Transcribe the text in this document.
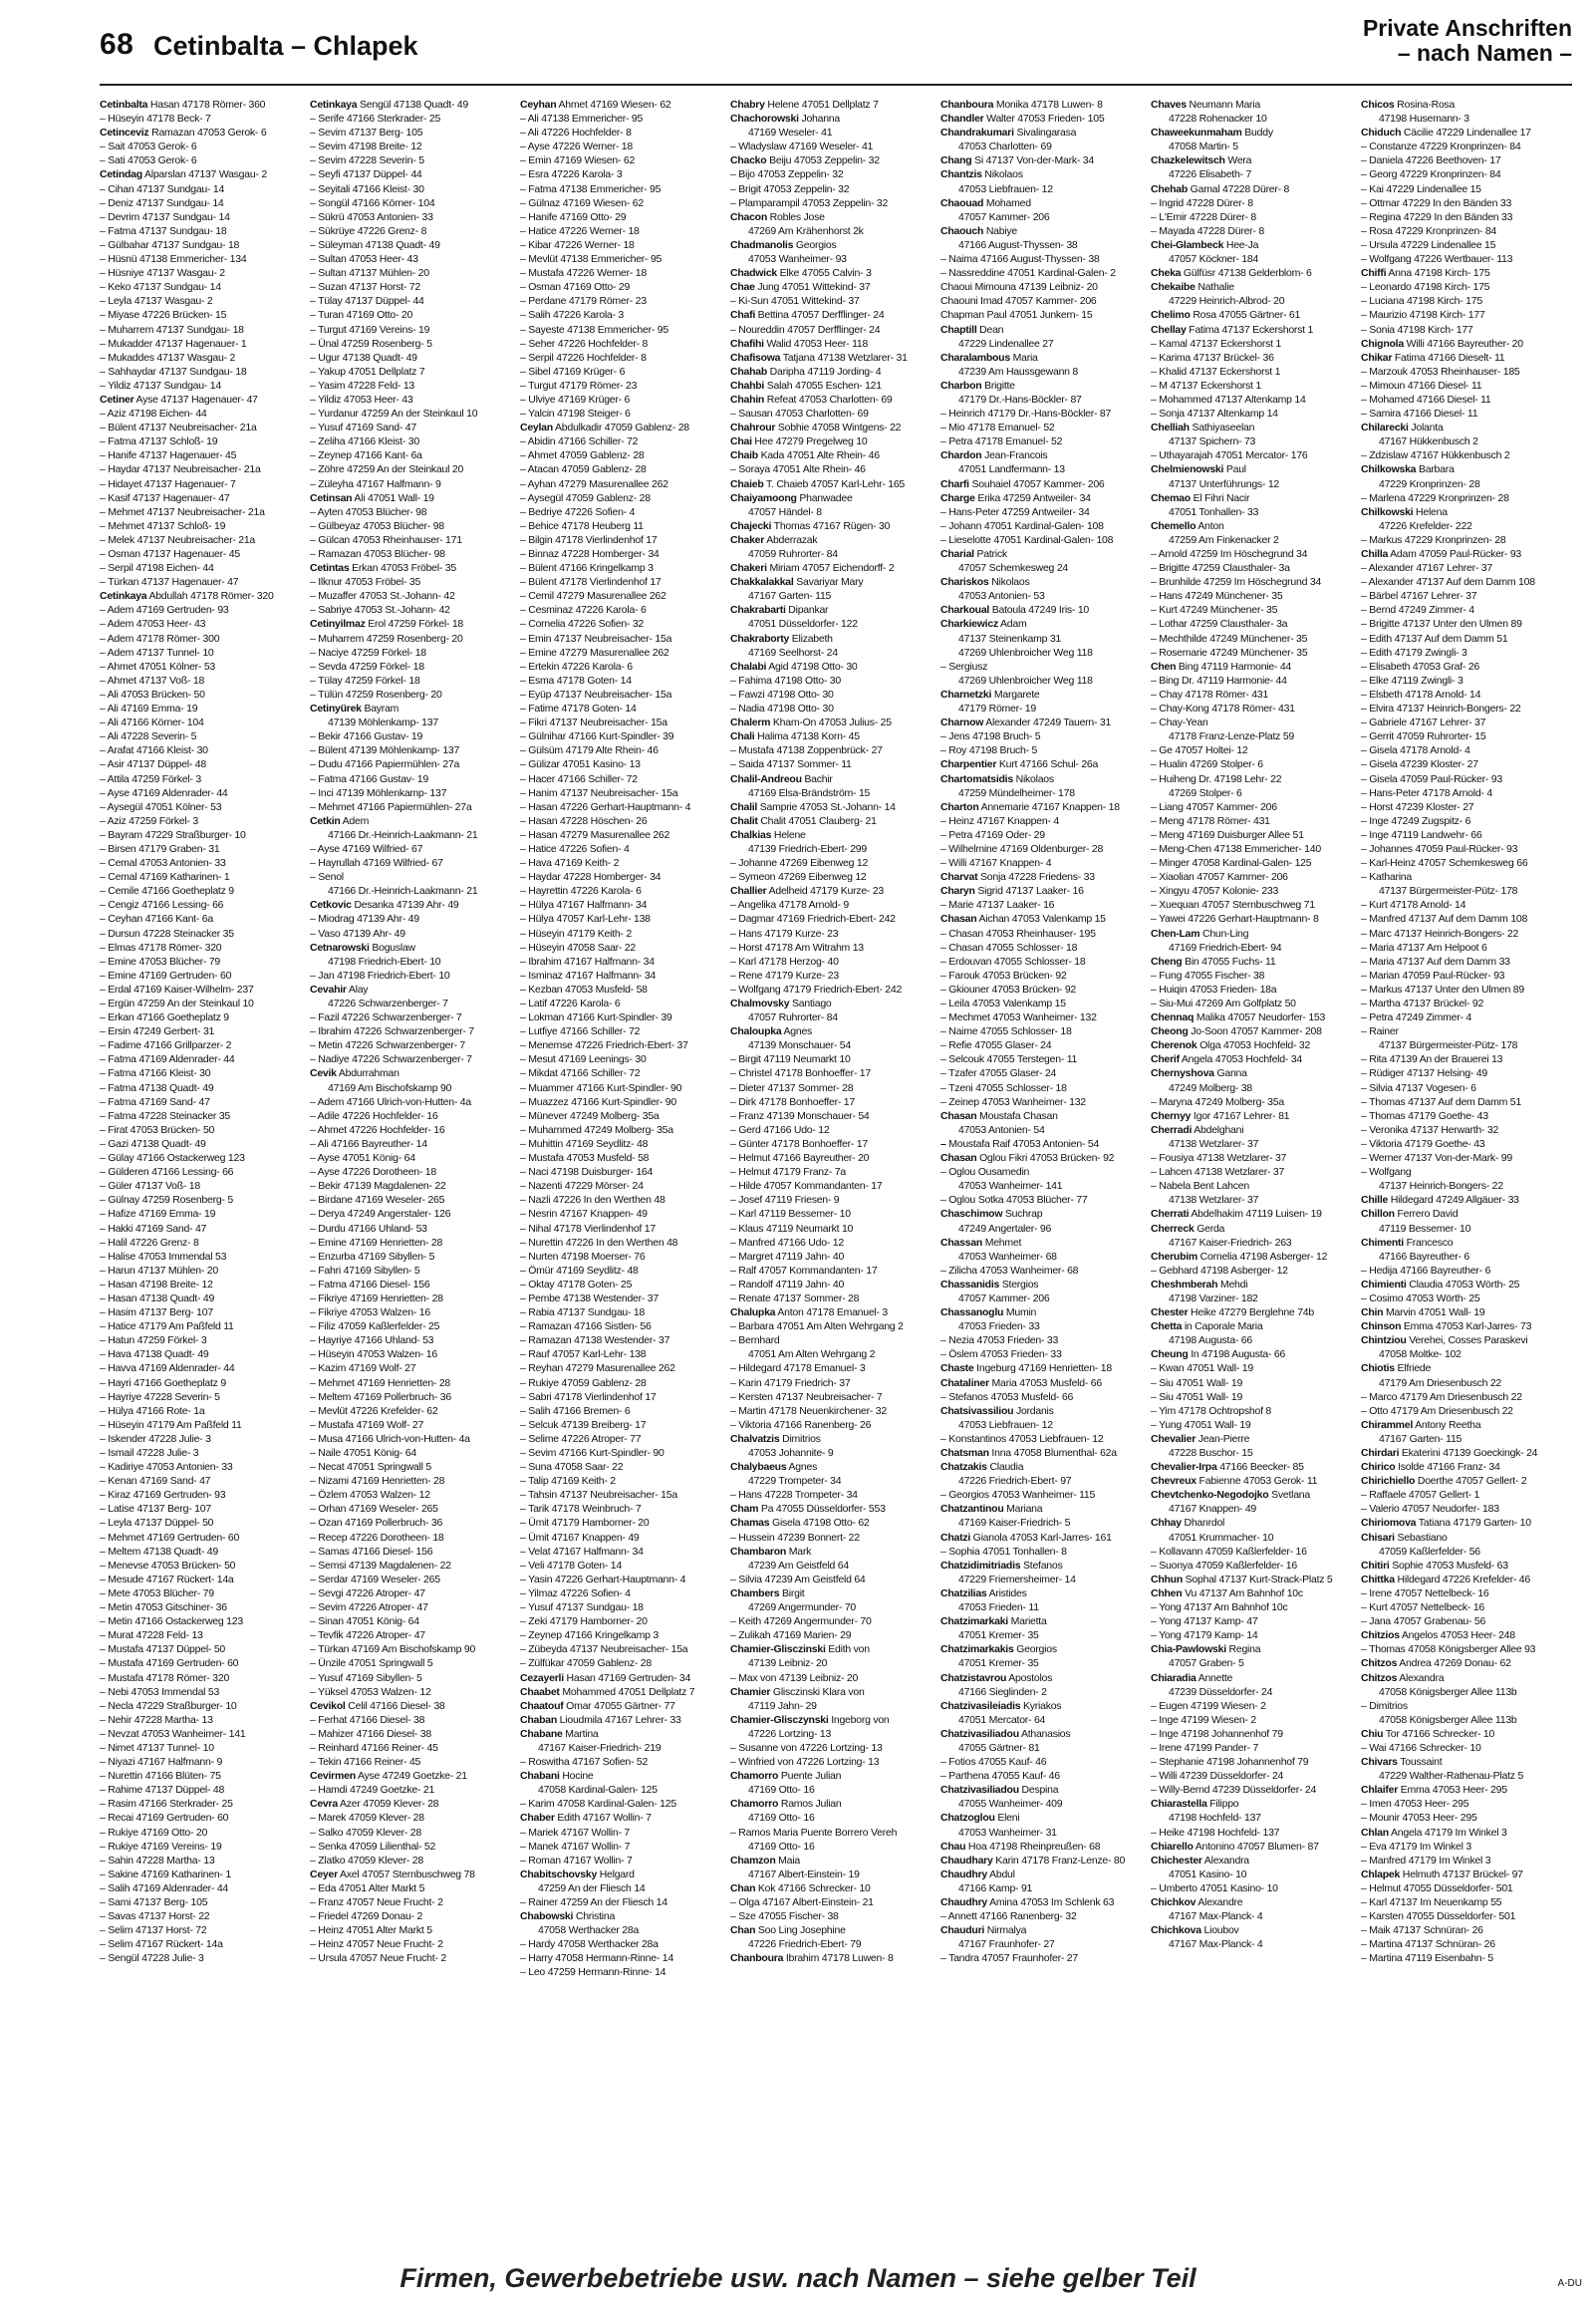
68 Cetinbalta – Chlapek
Private Anschriften
– nach Namen –
Cetinbalta Hasan 47178 Römer- 360
– Hüseyin 47178 Beck- 7
Cetinceviz Ramazan 47053 Gerok- 6
– Sait 47053 Gerok- 6
– Sati 47053 Gerok- 6
Cetindag Alparslan 47137 Wasgau- 2
– Cihan 47137 Sundgau- 14
– Deniz 47137 Sundgau- 14
– Devrim 47137 Sundgau- 14
– Fatma 47137 Sundgau- 18
– Gülbahar 47137 Sundgau- 18
– Hüsnü 47138 Emmericher- 134
– Hüsniye 47137 Wasgau- 2
– Keko 47137 Sundgau- 14
– Leyla 47137 Wasgau- 2
– Miyase 47226 Brücken- 15
– Muharrem 47137 Sundgau- 18
– Mukadder 47137 Hagenauer- 1
– Mukaddes 47137 Wasgau- 2
– Sahhaydar 47137 Sundgau- 18
– Yildiz 47137 Sundgau- 14
Cetiner Ayse 47137 Hagenauer- 47
– Aziz 47198 Eichen- 44
– Bülent 47137 Neubreisacher- 21a
– Fatma 47137 Schloß- 19
– Hanife 47137 Hagenauer- 45
– Haydar 47137 Neubreisacher- 21a
– Hidayet 47137 Hagenauer- 7
– Kasif 47137 Hagenauer- 47
– Mehmet 47137 Neubreisacher- 21a
– Mehmet 47137 Schloß- 19
– Melek 47137 Neubreisacher- 21a
– Osman 47137 Hagenauer- 45
– Serpil 47198 Eichen- 44
– Türkan 47137 Hagenauer- 47
Cetinkaya Abdullah 47178 Römer- 320
– Adem 47169 Gertruden- 93
– Adem 47053 Heer- 43
– Adem 47178 Römer- 300
– Adem 47137 Tunnel- 10
– Ahmet 47051 Kölner- 53
– Ahmet 47137 Voß- 18
– Ali 47053 Brücken- 50
– Ali 47169 Emma- 19
– Ali 47166 Körner- 104
– Ali 47228 Severin- 5
– Arafat 47166 Kleist- 30
– Asir 47137 Düppel- 48
– Attila 47259 Förkel- 3
– Ayse 47169 Aldenrader- 44
– Aysegül 47051 Kölner- 53
– Aziz 47259 Förkel- 3
– Bayram 47229 Straßburger- 10
– Birsen 47179 Graben- 31
– Cemal 47053 Antonien- 33
– Cemal 47169 Katharinen- 1
– Cemile 47166 Goetheplatz 9
– Cengiz 47166 Lessing- 66
– Ceyhan 47166 Kant- 6a
– Dursun 47228 Steinacker 35
– Elmas 47178 Römer- 320
– Emine 47053 Blücher- 79
– Emine 47169 Gertruden- 60
– Erdal 47169 Kaiser-Wilhelm- 237
– Ergün 47259 An der Steinkaul 10
– Erkan 47166 Goetheplatz 9
– Ersin 47249 Gerbert- 31
– Fadime 47166 Grillparzer- 2
– Fatma 47169 Aldenrader- 44
– Fatma 47166 Kleist- 30
– Fatma 47138 Quadt- 49
– Fatma 47169 Sand- 47
– Fatma 47228 Steinacker 35
– Firat 47053 Brücken- 50
– Gazi 47138 Quadt- 49
– Gülay 47166 Ostackerweg 123
– Gülderen 47166 Lessing- 66
– Güler 47137 Voß- 18
– Gülnay 47259 Rosenberg- 5
– Hafize 47169 Emma- 19
– Hakki 47169 Sand- 47
– Halil 47226 Grenz- 8
– Halise 47053 Immendal 53
– Harun 47137 Mühlen- 20
– Hasan 47198 Breite- 12
– Hasan 47138 Quadt- 49
– Hasim 47137 Berg- 107
– Hatice 47179 Am Paßfeld 11
– Hatun 47259 Förkel- 3
– Hava 47138 Quadt- 49
– Havva 47169 Aldenrader- 44
– Hayri 47166 Goetheplatz 9
– Hayriye 47228 Severin- 5
– Hülya 47166 Rote- 1a
– Hüseyin 47179 Am Paßfeld 11
– Iskender 47228 Julie- 3
– Ismail 47228 Julie- 3
– Kadiriye 47053 Antonien- 33
– Kenan 47169 Sand- 47
– Kiraz 47169 Gertruden- 93
– Latise 47137 Berg- 107
– Leyla 47137 Düppel- 50
– Mehmet 47169 Gertruden- 60
– Meltem 47138 Quadt- 49
– Menevse 47053 Brücken- 50
– Mesude 47167 Rückert- 14a
– Mete 47053 Blücher- 79
– Metin 47053 Gitschiner- 36
– Metin 47166 Ostackerweg 123
– Murat 47228 Feld- 13
– Mustafa 47137 Düppel- 50
– Mustafa 47169 Gertruden- 60
– Mustafa 47178 Römer- 320
– Nebi 47053 Immendal 53
– Necla 47229 Straßburger- 10
– Nehir 47228 Martha- 13
– Nevzat 47053 Wanheimer- 141
– Nimet 47137 Tunnel- 10
– Niyazi 47167 Halfmann- 9
– Nurettin 47166 Blüten- 75
– Rahime 47137 Düppel- 48
– Rasim 47166 Sterkrader- 25
– Recai 47169 Gertruden- 60
– Rukiye 47169 Otto- 20
– Rukiye 47169 Vereins- 19
– Sahin 47228 Martha- 13
– Sakine 47169 Katharinen- 1
– Salih 47169 Aldenrader- 44
– Sami 47137 Berg- 105
– Savas 47137 Horst- 22
– Selim 47137 Horst- 72
– Selim 47167 Rückert- 14a
– Sengül 47228 Julie- 3
Cetinkaya Sengül 47138 Quadt- 49
– Serife 47166 Sterkrader- 25
– Sevim 47137 Berg- 105
– Sevim 47198 Breite- 12
– Sevim 47228 Severin- 5
– Seyfi 47137 Düppel- 44
– Seyitali 47166 Kleist- 30
– Songül 47166 Körner- 104
– Sükrü 47053 Antonien- 33
– Sükrüye 47226 Grenz- 8
– Süleyman 47138 Quadt- 49
– Sultan 47053 Heer- 43
– Sultan 47137 Mühlen- 20
– Suzan 47137 Horst- 72
– Tülay 47137 Düppel- 44
– Turan 47169 Otto- 20
– Turgut 47169 Vereins- 19
– Ünal 47259 Rosenberg- 5
– Ugur 47138 Quadt- 49
– Yakup 47051 Dellplatz 7
– Yasim 47228 Feld- 13
– Yildiz 47053 Heer- 43
– Yurdanur 47259 An der Steinkaul 10
– Yusuf 47169 Sand- 47
– Zeliha 47166 Kleist- 30
– Zeynep 47166 Kant- 6a
– Zöhre 47259 An der Steinkaul 20
– Züleyha 47167 Halfmann- 9
Cetinsan Ali 47051 Wall- 19
– Ayten 47053 Blücher- 98
– Gülbeyaz 47053 Blücher- 98
– Gülcan 47053 Rheinhauser- 171
– Ramazan 47053 Blücher- 98
Cetintas Erkan 47053 Fröbel- 35
– Ilknur 47053 Fröbel- 35
– Muzaffer 47053 St.-Johann- 42
– Sabriye 47053 St.-Johann- 42
Cetinyilmaz Erol 47259 Förkel- 18
– Muharrem 47259 Rosenberg- 20
– Naciye 47259 Förkel- 18
– Sevda 47259 Förkel- 18
– Tülay 47259 Förkel- 18
– Tülün 47259 Rosenberg- 20
Cetinyürek Bayram
47139 Möhlenkamp- 137
– Bekir 47166 Gustav- 19
– Bülent 47139 Möhlenkamp- 137
– Dudu 47166 Papiermühlen- 27a
– Fatma 47166 Gustav- 19
– Inci 47139 Möhlenkamp- 137
– Mehmet 47166 Papiermühlen- 27a
Cetkin Adem
47166 Dr.-Heinrich-Laakmann- 21
– Ayse 47169 Wilfried- 67
– Hayrullah 47169 Wilfried- 67
– Senol
47166 Dr.-Heinrich-Laakmann- 21
Cetkovic Desanka 47139 Ahr- 49
– Miodrag 47139 Ahr- 49
– Vaso 47139 Ahr- 49
Cetnarowski Boguslaw
47198 Friedrich-Ebert- 10
– Jan 47198 Friedrich-Ebert- 10
Cevahir Alay
47226 Schwarzenberger- 7
– Fazil 47226 Schwarzenberger- 7
– Ibrahim 47226 Schwarzenberger- 7
– Metin 47226 Schwarzenberger- 7
– Nadiye 47226 Schwarzenberger- 7
Cevik Abdurrahman
47169 Am Bischofskamp 90
– Adem 47166 Ulrich-von-Hutten- 4a
– Adile 47226 Hochfelder- 16
– Ahmet 47226 Hochfelder- 16
– Ali 47166 Bayreuther- 14
– Ayse 47051 König- 64
– Ayse 47226 Dorotheen- 18
– Bekir 47139 Magdalenen- 22
– Birdane 47169 Weseler- 265
– Derya 47249 Angerstaler- 126
– Durdu 47166 Uhland- 53
– Emine 47169 Henrietten- 28
– Enzurba 47169 Sibyllen- 5
– Fahri 47169 Sibyllen- 5
– Fatma 47166 Diesel- 156
– Fikriye 47169 Henrietten- 28
– Fikriye 47053 Walzen- 16
– Filiz 47059 Kaßlerfelder- 25
– Hayriye 47166 Uhland- 53
– Hüseyin 47053 Walzen- 16
– Kazim 47169 Wolf- 27
– Mehmet 47169 Henrietten- 28
– Meltem 47169 Pollerbruch- 36
– Mevlüt 47226 Krefelder- 62
– Mustafa 47169 Wolf- 27
– Musa 47166 Ulrich-von-Hutten- 4a
– Naile 47051 König- 64
– Necat 47051 Springwall 5
– Nizami 47169 Henrietten- 28
– Özlem 47053 Walzen- 12
– Orhan 47169 Weseler- 265
– Ozan 47169 Pollerbruch- 36
– Recep 47226 Dorotheen- 18
– Samas 47166 Diesel- 156
– Semsi 47139 Magdalenen- 22
– Serdar 47169 Weseler- 265
– Sevgi 47226 Atroper- 47
– Sevim 47226 Atroper- 47
– Sinan 47051 König- 64
– Tevfik 47226 Atroper- 47
– Türkan 47169 Am Bischofskamp 90
– Ünzile 47051 Springwall 5
– Yusuf 47169 Sibyllen- 5
– Yüksel 47053 Walzen- 12
Cevikol Celil 47166 Diesel- 38
– Ferhat 47166 Diesel- 38
– Mahizer 47166 Diesel- 38
– Reinhard 47166 Reiner- 45
– Tekin 47166 Reiner- 45
Cevirmen Ayse 47249 Goetzke- 21
– Hamdi 47249 Goetzke- 21
Cevra Azer 47059 Klever- 28
– Marek 47059 Klever- 28
– Salko 47059 Klever- 28
– Senka 47059 Lilienthal- 52
– Zlatko 47059 Klever- 28
Ceyer Axel 47057 Sternbuschweg 78
– Eda 47051 Alter Markt 5
– Franz 47057 Neue Frucht- 2
– Friedel 47269 Donau- 2
– Heinz 47051 Alter Markt 5
– Heinz 47057 Neue Frucht- 2
– Ursula 47057 Neue Frucht- 2
Ceyhan Ahmet 47169 Wiesen- 62
– Ali 47138 Emmericher- 95
– Ali 47226 Hochfelder- 8
– Ayse 47226 Werner- 18
– Emin 47169 Wiesen- 62
– Esra 47226 Karola- 3
– Fatma 47138 Emmericher- 95
– Gülnaz 47169 Wiesen- 62
– Hanife 47169 Otto- 29
– Hatice 47226 Werner- 18
– Kibar 47226 Werner- 18
– Mevlüt 47138 Emmericher- 95
– Mustafa 47226 Werner- 18
– Osman 47169 Otto- 29
– Perdane 47179 Römer- 23
– Salih 47226 Karola- 3
– Sayeste 47138 Emmericher- 95
– Seher 47226 Hochfelder- 8
– Serpil 47226 Hochfelder- 8
– Sibel 47169 Krüger- 6
– Turgut 47179 Römer- 23
– Ulviye 47169 Krüger- 6
– Yalcin 47198 Steiger- 6
Ceylan Abdulkadir 47059 Gablenz- 28
– Abidin 47166 Schiller- 72
– Ahmet 47059 Gablenz- 28
– Atacan 47059 Gablenz- 28
– Ayhan 47279 Masurenallee 262
– Aysegül 47059 Gablenz- 28
– Bedriye 47226 Sofien- 4
– Behice 47178 Heuberg 11
– Bilgin 47178 Vierlindenhof 17
– Binnaz 47228 Homberger- 34
– Bülent 47166 Kringelkamp 3
– Bülent 47178 Vierlindenhof 17
– Cemil 47279 Masurenallee 262
– Cesminaz 47226 Karola- 6
– Cornelia 47226 Sofien- 32
– Emin 47137 Neubreisacher- 15a
– Emine 47279 Masurenallee 262
– Ertekin 47226 Karola- 6
– Esma 47178 Goten- 14
– Eyüp 47137 Neubreisacher- 15a
– Fatime 47178 Goten- 14
– Fikri 47137 Neubreisacher- 15a
– Gülnihar 47166 Kurt-Spindler- 39
– Gülsüm 47179 Alte Rhein- 46
– Gülizar 47051 Kasino- 13
– Hacer 47166 Schiller- 72
– Hanim 47137 Neubreisacher- 15a
– Hasan 47226 Gerhart-Hauptmann- 4
– Hasan 47228 Höschen- 26
– Hasan 47279 Masurenallee 262
– Hatice 47226 Sofien- 4
– Hava 47169 Keith- 2
– Haydar 47228 Homberger- 34
– Hayrettin 47226 Karola- 6
– Hülya 47167 Halfmann- 34
– Hülya 47057 Karl-Lehr- 138
– Hüseyin 47179 Keith- 2
– Hüseyin 47058 Saar- 22
– Ibrahim 47167 Halfmann- 34
– Isminaz 47167 Halfmann- 34
– Kezban 47053 Musfeld- 58
– Latif 47226 Karola- 6
– Lokman 47166 Kurt-Spindler- 39
– Lutfiye 47166 Schiller- 72
– Menemse 47226 Friedrich-Ebert- 37
– Mesut 47169 Leenings- 30
– Mikdat 47166 Schiller- 72
– Muammer 47166 Kurt-Spindler- 90
– Muazzez 47166 Kurt-Spindler- 90
– Münever 47249 Molberg- 35a
– Muhammed 47249 Molberg- 35a
– Muhittin 47169 Seydlitz- 48
– Mustafa 47053 Musfeld- 58
– Naci 47198 Duisburger- 164
– Nazenti 47229 Mörser- 24
– Nazli 47226 In den Werthen 48
– Nesrin 47167 Knappen- 49
– Nihal 47178 Vierlindenhof 17
– Nurettin 47226 In den Werthen 48
– Nurten 47198 Moerser- 76
– Ömür 47169 Seydlitz- 48
– Oktay 47178 Goten- 25
– Pembe 47138 Westender- 37
– Rabia 47137 Sundgau- 18
– Ramazan 47166 Sistlen- 56
– Ramazan 47138 Westender- 37
– Rauf 47057 Karl-Lehr- 138
– Reyhan 47279 Masurenallee 262
– Rukiye 47059 Gablenz- 28
– Sabri 47178 Vierlindenhof 17
– Salih 47166 Bremen- 6
– Selcuk 47139 Breiberg- 17
– Selime 47226 Atroper- 77
– Sevim 47166 Kurt-Spindler- 90
– Suna 47058 Saar- 22
– Talip 47169 Keith- 2
– Tahsin 47137 Neubreisacher- 15a
– Tarik 47178 Weinbruch- 7
– Ümit 47179 Hamborner- 20
– Ümit 47167 Knappen- 49
– Velat 47167 Halfmann- 34
– Veli 47178 Goten- 14
– Yasin 47226 Gerhart-Hauptmann- 4
– Yilmaz 47226 Sofien- 4
– Yusuf 47137 Sundgau- 18
– Zeki 47179 Hamborner- 20
– Zeynep 47166 Kringelkamp 3
– Zübeyda 47137 Neubreisacher- 15a
– Zülfükar 47059 Gablenz- 28
Cezayerli Hasan 47169 Gertruden- 34
Chaabet Mohammed 47051 Dellplatz 7
Chaatouf Omar 47055 Gärtner- 77
Chaban Lioudmila 47167 Lehrer- 33
Chabane Martina
47167 Kaiser-Friedrich- 219
– Roswitha 47167 Sofien- 52
Chabani Hocine
47058 Kardinal-Galen- 125
– Karim 47058 Kardinal-Galen- 125
Chaber Edith 47167 Wollin- 7
– Mariek 47167 Wollin- 7
– Manek 47167 Wollin- 7
– Roman 47167 Wollin- 7
Chabitschovsky Helgard
47259 An der Fliesch 14
– Rainer 47259 An der Fliesch 14
Chabowski Christina
47058 Werthacker 28a
– Hardy 47058 Werthacker 28a
– Harry 47058 Hermann-Rinne- 14
– Leo 47259 Hermann-Rinne- 14
Chabry Helene 47051 Dellplatz 7
Chachorowski Johanna
47169 Weseler- 41
– Wladyslaw 47169 Weseler- 41
Chacko Beiju 47053 Zeppelin- 32
– Bijo 47053 Zeppelin- 32
– Brigit 47053 Zeppelin- 32
– Plamparampil 47053 Zeppelin- 32
Chacon Robles Jose
47269 Am Krähenhorst 2k
Chadmanolis Georgios
47053 Wanheimer- 93
Chadwick Elke 47055 Calvin- 3
Chae Jung 47051 Wittekind- 37
– Ki-Sun 47051 Wittekind- 37
Chafi Bettina 47057 Derfflinger- 24
– Noureddin 47057 Derfflinger- 24
Chafihi Walid 47053 Heer- 118
Chafisowa Tatjana 47138 Wetzlarer- 31
Chahab Daripha 47119 Jording- 4
Chahbi Salah 47055 Eschen- 121
Chahin Refeat 47053 Charlotten- 69
– Sausan 47053 Charlotten- 69
Chahrour Sobhie 47058 Wintgens- 22
Chai Hee 47279 Pregelweg 10
Chaib Kada 47051 Alte Rhein- 46
– Soraya 47051 Alte Rhein- 46
Chaieb T. Chaieb 47057 Karl-Lehr- 165
Chaiyamoong Phanwadee
47057 Händel- 8
Chajecki Thomas 47167 Rügen- 30
Chaker Abderrazak
47059 Ruhrorter- 84
Chakeri Miriam 47057 Eichendorff- 2
Chakkalakkal Savariyar Mary
47167 Garten- 115
Chakrabarti Dipankar
47051 Düsseldorfer- 122
Chakraborty Elizabeth
47169 Seelhorst- 24
Chalabi Agid 47198 Otto- 30
– Fahima 47198 Otto- 30
– Fawzi 47198 Otto- 30
– Nadia 47198 Otto- 30
Chalerm Kham-On 47053 Julius- 25
Chali Halima 47138 Korn- 45
– Mustafa 47138 Zoppenbrück- 27
– Saida 47137 Sommer- 11
Chalil-Andreou Bachir
47169 Elsa-Brändström- 15
Chalil Samprie 47053 St.-Johann- 14
Chalit Chalit 47051 Clauberg- 21
Chalkias Helene
47139 Friedrich-Ebert- 299
– Johanne 47269 Eibenweg 12
– Symeon 47269 Eibenweg 12
Challier Adelheid 47179 Kurze- 23
– Angelika 47178 Arnold- 9
– Dagmar 47169 Friedrich-Ebert- 242
– Hans 47179 Kurze- 23
– Horst 47178 Am Witrahm 13
– Karl 47178 Herzog- 40
– Rene 47179 Kurze- 23
– Wolfgang 47179 Friedrich-Ebert- 242
Chalmovsky Santiago
47057 Ruhrorter- 84
Chaloupka Agnes
47139 Monschauer- 54
– Birgit 47119 Neumarkt 10
– Christel 47178 Bonhoeffer- 17
– Dieter 47137 Sommer- 28
– Dirk 47178 Bonhoeffer- 17
– Franz 47139 Monschauer- 54
– Gerd 47166 Udo- 12
– Günter 47178 Bonhoeffer- 17
– Helmut 47166 Bayreuther- 20
– Helmut 47179 Franz- 7a
– Hilde 47057 Kommandanten- 17
– Josef 47119 Friesen- 9
– Karl 47119 Bessemer- 10
– Klaus 47119 Neumarkt 10
– Manfred 47166 Udo- 12
– Margret 47119 Jahn- 40
– Ralf 47057 Kommandanten- 17
– Randolf 47119 Jahn- 40
– Renate 47137 Sommer- 28
Chalupka Anton 47178 Emanuel- 3
– Barbara 47051 Am Alten Wehrgang 2
– Bernhard
47051 Am Alten Wehrgang 2
– Hildegard 47178 Emanuel- 3
– Karin 47179 Friedrich- 37
– Kersten 47137 Neubreisacher- 7
– Martin 47178 Neuenkirchener- 32
– Viktoria 47166 Ranenberg- 26
Chalvatzis Dimitrios
47053 Johannite- 9
Chalybaeus Agnes
47229 Trompeter- 34
– Hans 47228 Trompeter- 34
Cham Pa 47055 Düsseldorfer- 553
Chamas Gisela 47198 Otto- 62
– Hussein 47239 Bonnert- 22
Chambaron Mark
47239 Am Geistfeld 64
– Silvia 47239 Am Geistfeld 64
Chambers Birgit
47269 Angermunder- 70
– Keith 47269 Angermunder- 70
– Zulikah 47169 Marien- 29
Chamier-Glisczinski Edith von
47139 Leibniz- 20
– Max von 47139 Leibniz- 20
Chamier Glisczinski Klara von
47119 Jahn- 29
Chamier-Glisczynski Ingeborg von
47226 Lortzing- 13
– Susanne von 47226 Lortzing- 13
– Winfried von 47226 Lortzing- 13
Chamorro Puente Julian
47169 Otto- 16
Chamorro Ramos Julian
47169 Otto- 16
– Ramos Maria Puente Borrero Vereh
47169 Otto- 16
Chamzon Maia
47167 Albert-Einstein- 19
Chan Kok 47166 Schrecker- 10
– Olga 47167 Albert-Einstein- 21
– Sze 47055 Fischer- 38
Chan Soo Ling Josephine
47226 Friedrich-Ebert- 79
Chanboura Ibrahim 47178 Luwen- 8
Chanboura Monika 47178 Luwen- 8
Chandler Walter 47053 Frieden- 105
Chandrakumari Sivalingarasa
47053 Charlotten- 69
Chang Si 47137 Von-der-Mark- 34
Chantzis Nikolaos
47053 Liebfrauen- 12
Chaouad Mohamed
47057 Kammer- 206
Chaouch Nabiye
47166 August-Thyssen- 38
– Naima 47166 August-Thyssen- 38
– Nassreddine 47051 Kardinal-Galen- 2
Chaoui Mimouna 47139 Leibniz- 20
Chaouni Imad 47057 Kammer- 206
Chapman Paul 47051 Junkern- 15
Chaptill Dean
47229 Lindenallee 27
Charalambous Maria
47239 Am Haussgewann 8
Charbon Brigitte
47179 Dr.-Hans-Böckler- 87
– Heinrich 47179 Dr.-Hans-Böckler- 87
– Mio 47178 Emanuel- 52
– Petra 47178 Emanuel- 52
Chardon Jean-Francois
47051 Landfermann- 13
Charfi Souhaiel 47057 Kammer- 206
Charge Erika 47259 Antweiler- 34
– Hans-Peter 47259 Antweiler- 34
– Johann 47051 Kardinal-Galen- 108
– Lieselotte 47051 Kardinal-Galen- 108
Charial Patrick
47057 Schemkesweg 24
Chariskos Nikolaos
47053 Antonien- 53
Charkoual Batoula 47249 Iris- 10
Charkiewicz Adam
47137 Steinenkamp 31
47269 Uhlenbroicher Weg 118
– Sergiusz
47269 Uhlenbroicher Weg 118
Charnetzki Margarete
47179 Römer- 19
Charnow Alexander 47249 Tauern- 31
– Jens 47198 Bruch- 5
– Roy 47198 Bruch- 5
Charpentier Kurt 47166 Schul- 26a
Chartomatsidis Nikolaos
47259 Mündelheimer- 178
Charton Annemarie 47167 Knappen- 18
– Heinz 47167 Knappen- 4
– Petra 47169 Oder- 29
– Wilhelmine 47169 Oldenburger- 28
– Willi 47167 Knappen- 4
Charvat Sonja 47228 Friedens- 33
Charyn Sigrid 47137 Laaker- 16
– Marie 47137 Laaker- 16
Chasan Aichan 47053 Valenkamp 15
– Chasan 47053 Rheinhauser- 195
– Chasan 47055 Schlosser- 18
– Erdouvan 47055 Schlosser- 18
– Farouk 47053 Brücken- 92
– Gkiouner 47053 Brücken- 92
– Leila 47053 Valenkamp 15
– Mechmet 47053 Wanheimer- 132
– Naime 47055 Schlosser- 18
– Refie 47055 Glaser- 24
– Selcouk 47055 Terstegen- 11
– Tzafer 47055 Glaser- 24
– Tzeni 47055 Schlosser- 18
– Zeinep 47053 Wanheimer- 132
Chasan Moustafa Chasan
47053 Antonien- 54
– Moustafa Raif 47053 Antonien- 54
Chasan Oglou Fikri 47053 Brücken- 92
– Oglou Ousamedin
47053 Wanheimer- 141
– Oglou Sotka 47053 Blücher- 77
Chaschimow Suchrap
47249 Angertaler- 96
Chassan Mehmet
47053 Wanheimer- 68
– Zilicha 47053 Wanheimer- 68
Chassanidis Stergios
47057 Kammer- 206
Chassanoglu Mumin
47053 Frieden- 33
– Nezia 47053 Frieden- 33
– Öslem 47053 Frieden- 33
Chaste Ingeburg 47169 Henrietten- 18
Chataliner Maria 47053 Musfeld- 66
– Stefanos 47053 Musfeld- 66
Chatsivassiliou Jordanis
47053 Liebfrauen- 12
– Konstantinos 47053 Liebfrauen- 12
Chatsman Inna 47058 Blumenthal- 62a
Chatzakis Claudia
47226 Friedrich-Ebert- 97
– Georgios 47053 Wanheimer- 115
Chatzantinou Mariana
47169 Kaiser-Friedrich- 5
Chatzi Gianola 47053 Karl-Jarres- 161
– Sophia 47051 Tonhallen- 8
Chatzidimitriadis Stefanos
47229 Friemersheimer- 14
Chatzilias Aristides
47053 Frieden- 11
Chatzimarkaki Marietta
47051 Kremer- 35
Chatzimarkakis Georgios
47051 Kremer- 35
Chatzistavrou Apostolos
47166 Sieglinden- 2
Chatzivasileiadis Kyriakos
47051 Mercator- 64
Chatzivasiliadou Athanasios
47055 Gärtner- 81
– Fotios 47055 Kauf- 46
– Parthena 47055 Kauf- 46
Chatzivasiliadou Despina
47055 Wanheimer- 409
Chatzoglou Eleni
47053 Wanheimer- 31
Chau Hoa 47198 Rheinpreußen- 68
Chaudhary Karin 47178 Franz-Lenze- 80
Chaudhry Abdul
47166 Kamp- 91
Chaudhry Amina 47053 Im Schlenk 63
– Annett 47166 Ranenberg- 32
Chauduri Nirmalya
47167 Fraunhofer- 27
– Tandra 47057 Fraunhofer- 27
Chaves Neumann Maria
47228 Rohenacker 10
Chaweekunmaham Buddy
47058 Martin- 5
Chazkelewitsch Wera
47226 Elisabeth- 7
Chehab Gamal 47228 Dürer- 8
– Ingrid 47228 Dürer- 8
– L'Emir 47228 Dürer- 8
– Mayada 47228 Dürer- 8
Chei-Glambeck Hee-Ja
47057 Köckner- 184
Cheka Gülfüsr 47138 Gelderblom- 6
Chekaibe Nathalie
47229 Heinrich-Albrod- 20
Chelimo Rosa 47055 Gärtner- 61
Chellay Fatima 47137 Eckershorst 1
– Kamal 47137 Eckershorst 1
– Karima 47137 Brückel- 36
– Khalid 47137 Eckershorst 1
– M 47137 Eckershorst 1
– Mohammed 47137 Altenkamp 14
– Sonja 47137 Altenkamp 14
Chelliah Sathiyaseelan
47137 Spichern- 73
– Uthayarajah 47051 Mercator- 176
Chelmienowski Paul
47137 Unterführungs- 12
Chemao El Fihri Nacir
47051 Tonhallen- 33
Chemello Anton
47259 Am Finkenacker 2
– Arnold 47259 Im Höschegrund 34
– Brigitte 47259 Clausthaler- 3a
– Brunhilde 47259 Im Höschegrund 34
– Hans 47249 Münchener- 35
– Kurt 47249 Münchener- 35
– Lothar 47259 Clausthaler- 3a
– Mechthilde 47249 Münchener- 35
– Rosemarie 47249 Münchener- 35
Chen Bing 47119 Harmonie- 44
– Bing Dr. 47119 Harmonie- 44
– Chay 47178 Römer- 431
– Chay-Kong 47178 Römer- 431
– Chay-Yean
47178 Franz-Lenze-Platz 59
– Ge 47057 Holtei- 12
– Hualin 47269 Stolper- 6
– Huiheng Dr. 47198 Lehr- 22
47269 Stolper- 6
– Liang 47057 Kammer- 206
– Meng 47178 Römer- 431
– Meng 47169 Duisburger Allee 51
– Meng-Chen 47138 Emmericher- 140
– Minger 47058 Kardinal-Galen- 125
– Xiaolian 47057 Kammer- 206
– Xingyu 47057 Kolonie- 233
– Xuequan 47057 Sternbuschweg 71
– Yawei 47226 Gerhart-Hauptmann- 8
Chen-Lam Chun-Ling
47169 Friedrich-Ebert- 94
Cheng Bin 47055 Fuchs- 11
– Fung 47055 Fischer- 38
– Huiqin 47053 Frieden- 18a
– Siu-Mui 47269 Am Golfplatz 50
Chennaq Malika 47057 Neudorfer- 153
Cheong Jo-Soon 47057 Kammer- 208
Cherenok Olga 47053 Hochfeld- 32
Cherif Angela 47053 Hochfeld- 34
Chernyshova Ganna
47249 Molberg- 38
– Maryna 47249 Molberg- 35a
Chernyy Igor 47167 Lehrer- 81
Cherradi Abdelghani
47138 Wetzlarer- 37
– Fousiya 47138 Wetzlarer- 37
– Lahcen 47138 Wetzlarer- 37
– Nabela Bent Lahcen
47138 Wetzlarer- 37
Cherrati Abdelhakim 47119 Luisen- 19
Cherreck Gerda
47167 Kaiser-Friedrich- 263
Cherubim Cornelia 47198 Asberger- 12
– Gebhard 47198 Asberger- 12
Cheshmberah Mehdi
47198 Varziner- 182
Chester Heike 47279 Berglehne 74b
Chetta in Caporale Maria
47198 Augusta- 66
Cheung In 47198 Augusta- 66
– Kwan 47051 Wall- 19
– Siu 47051 Wall- 19
– Siu 47051 Wall- 19
– Yim 47178 Ochtropshof 8
– Yung 47051 Wall- 19
Chevalier Jean-Pierre
47228 Buschor- 15
Chevalier-Irpa 47166 Beecker- 85
Chevreux Fabienne 47053 Gerok- 11
Chevtchenko-Negodojko Svetlana
47167 Knappen- 49
Chhay Dhanrdol
47051 Krummacher- 10
– Kollavann 47059 Kaßlerfelder- 16
– Suonya 47059 Kaßlerfelder- 16
Chhun Sophal 47137 Kurt-Strack-Platz 5
Chhen Vu 47137 Am Bahnhof 10c
– Yong 47137 Am Bahnhof 10c
– Yong 47137 Kamp- 47
– Yong 47179 Kamp- 14
Chia-Pawlowski Regina
47057 Graben- 5
Chiaradia Annette
47239 Düsseldorfer- 24
– Eugen 47199 Wiesen- 2
– Inge 47199 Wiesen- 2
– Inge 47198 Johannenhof 79
– Irene 47199 Pander- 7
– Stephanie 47198 Johannenhof 79
– Willi 47239 Düsseldorfer- 24
– Willy-Bernd 47239 Düsseldorfer- 24
Chiarastella Filippo
47198 Hochfeld- 137
– Heike 47198 Hochfeld- 137
Chiarello Antonino 47057 Blumen- 87
Chichester Alexandra
47051 Kasino- 10
– Umberto 47051 Kasino- 10
Chichkov Alexandre
47167 Max-Planck- 4
Chichkova Lioubov
47167 Max-Planck- 4
Chicos Rosina-Rosa
47198 Husemann- 3
Chiduch Cäcilie 47229 Lindenallee 17
– Constanze 47229 Kronprinzen- 84
– Daniela 47226 Beethoven- 17
– Georg 47229 Kronprinzen- 84
– Kai 47229 Lindenallee 15
– Ottmar 47229 In den Bänden 33
– Regina 47229 In den Bänden 33
– Rosa 47229 Kronprinzen- 84
– Ursula 47229 Lindenallee 15
– Wolfgang 47226 Wertbauer- 113
Chiffi Anna 47198 Kirch- 175
– Leonardo 47198 Kirch- 175
– Luciana 47198 Kirch- 175
– Maurizio 47198 Kirch- 177
– Sonia 47198 Kirch- 177
Chignola Willi 47166 Bayreuther- 20
Chikar Fatima 47166 Dieselt- 11
– Marzouk 47053 Rheinhauser- 185
– Mimoun 47166 Diesel- 11
– Mohamed 47166 Diesel- 11
– Samira 47166 Diesel- 11
Chilarecki Jolanta
47167 Hükkenbusch 2
– Zdzislaw 47167 Hükkenbusch 2
Chilkowska Barbara
47229 Kronprinzen- 28
– Marlena 47229 Kronprinzen- 28
Chilkowski Helena
47226 Krefelder- 222
– Markus 47229 Kronprinzen- 28
Chilla Adam 47059 Paul-Rücker- 93
– Alexander 47167 Lehrer- 37
– Alexander 47137 Auf dem Damm 108
– Bärbel 47167 Lehrer- 37
– Bernd 47249 Zimmer- 4
– Brigitte 47137 Unter den Ulmen 89
– Edith 47137 Auf dem Damm 51
– Edith 47179 Zwingli- 3
– Elisabeth 47053 Graf- 26
– Elke 47119 Zwingli- 3
– Elsbeth 47178 Arnold- 14
– Elvira 47137 Heinrich-Bongers- 22
– Gabriele 47167 Lehrer- 37
– Gerrit 47059 Ruhrorter- 15
– Gisela 47178 Arnold- 4
– Gisela 47239 Kloster- 27
– Gisela 47059 Paul-Rücker- 93
– Hans-Peter 47178 Arnold- 4
– Horst 47239 Kloster- 27
– Inge 47249 Zugspitz- 6
– Inge 47119 Landwehr- 66
– Johannes 47059 Paul-Rücker- 93
– Karl-Heinz 47057 Schemkesweg 66
– Katharina
47137 Bürgermeister-Pütz- 178
– Kurt 47178 Arnold- 14
– Manfred 47137 Auf dem Damm 108
– Marc 47137 Heinrich-Bongers- 22
– Maria 47137 Am Helpoot 6
– Maria 47137 Auf dem Damm 33
– Marian 47059 Paul-Rücker- 93
– Markus 47137 Unter den Ulmen 89
– Martha 47137 Brückel- 92
– Petra 47249 Zimmer- 4
– Rainer
47137 Bürgermeister-Pütz- 178
– Rita 47139 An der Brauerei 13
– Rüdiger 47137 Helsing- 49
– Silvia 47137 Vogesen- 6
– Thomas 47137 Auf dem Damm 51
– Thomas 47179 Goethe- 43
– Veronika 47137 Herwarth- 32
– Viktoria 47179 Goethe- 43
– Werner 47137 Von-der-Mark- 99
– Wolfgang
47137 Heinrich-Bongers- 22
Chille Hildegard 47249 Allgäuer- 33
Chillon Ferrero David
47119 Bessemer- 10
Chimenti Francesco
47166 Bayreuther- 6
– Hedija 47166 Bayreuther- 6
Chimienti Claudia 47053 Wörth- 25
– Cosimo 47053 Wörth- 25
Chin Marvin 47051 Wall- 19
Chinson Emma 47053 Karl-Jarres- 73
Chintziou Verehei, Cosses Paraskevi
47058 Moltke- 102
Chiotis Elfriede
47179 Am Driesenbusch 22
– Marco 47179 Am Driesenbusch 22
– Otto 47179 Am Driesenbusch 22
Chirammel Antony Reetha
47167 Garten- 115
Chirdari Ekaterini 47139 Goeckingk- 24
Chirico Isolde 47166 Franz- 34
Chirichiello Doerthe 47057 Gellert- 2
– Raffaele 47057 Gellert- 1
– Valerio 47057 Neudorfer- 183
Chiriomova Tatiana 47179 Garten- 10
Chisari Sebastiano
47059 Kaßlerfelder- 56
Chitiri Sophie 47053 Musfeld- 63
Chittka Hildegard 47226 Krefelder- 46
– Irene 47057 Nettelbeck- 16
– Kurt 47057 Nettelbeck- 16
– Jana 47057 Grabenau- 56
Chitzios Angelos 47053 Heer- 248
– Thomas 47058 Königsberger Allee 93
Chitzos Andrea 47269 Donau- 62
Chitzos Alexandra
47058 Königsberger Allee 113b
– Dimitrios
47058 Königsberger Allee 113b
Chiu Tor 47166 Schrecker- 10
– Wai 47166 Schrecker- 10
Chivars Toussaint
47229 Walther-Rathenau-Platz 5
Chlaifer Emma 47053 Heer- 295
– Imen 47053 Heer- 295
– Mounir 47053 Heer- 295
Chlan Angela 47179 Im Winkel 3
– Eva 47179 Im Winkel 3
– Manfred 47179 Im Winkel 3
Chlapek Helmuth 47137 Brückel- 97
– Helmut 47055 Düsseldorfer- 501
– Karl 47137 Im Neuenkamp 55
– Karsten 47055 Düsseldorfer- 501
– Maik 47137 Schnüran- 26
– Martina 47137 Schnüran- 26
– Martina 47119 Eisenbahn- 5
Firmen, Gewerbebetriebe usw. nach Namen – siehe gelber Teil	A-DU
